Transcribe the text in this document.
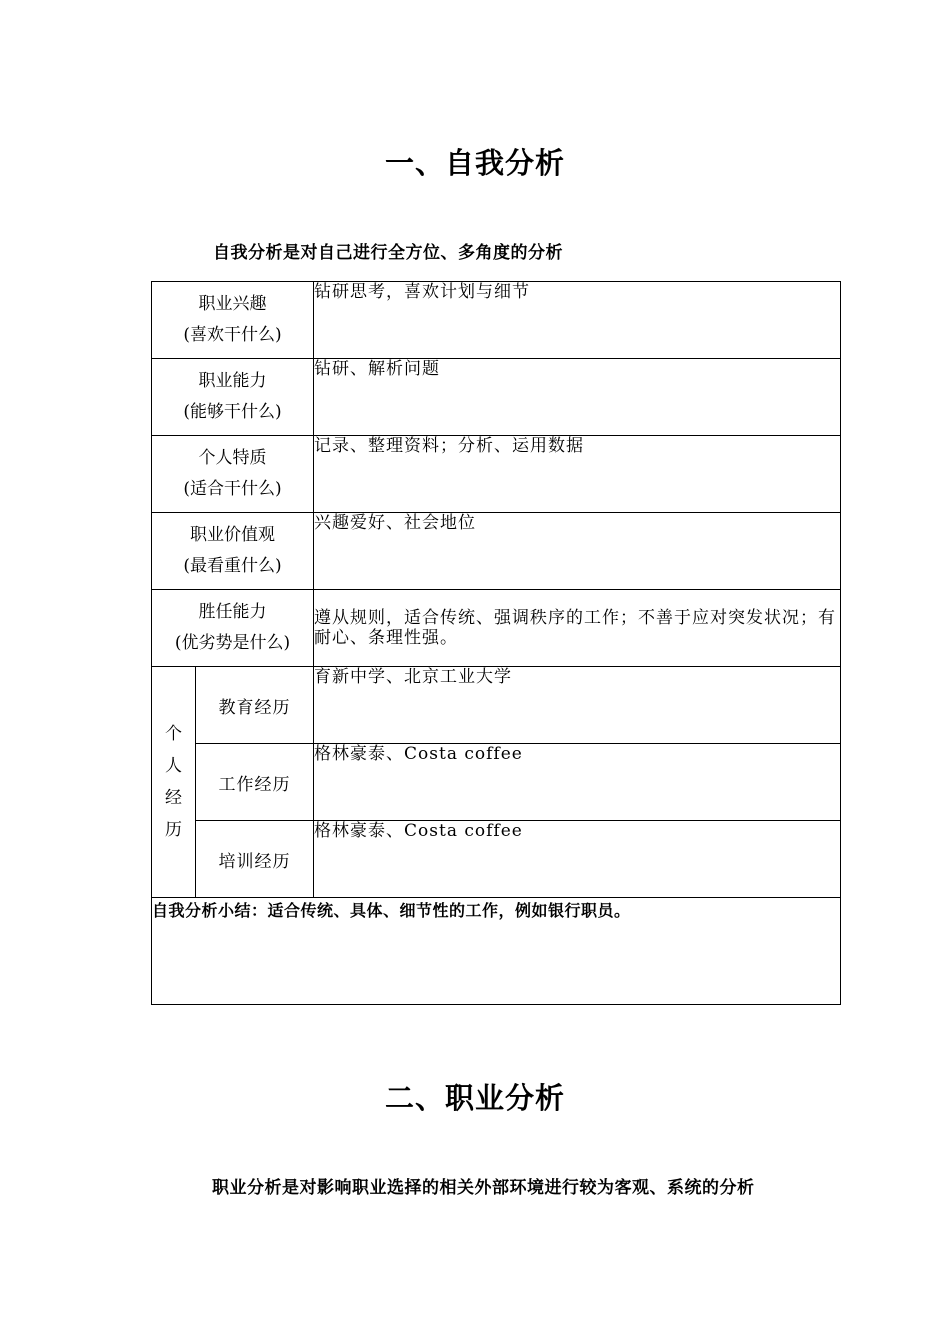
一、自我分析
自我分析是对自己进行全方位、多角度的分析
职业兴趣
(喜欢干什么)		钻研思考，喜欢计划与细节

职业能力
(能够干什么)		钻研、解析问题

个人特质
(适合干什么)		记录、整理资料；分析、运用数据

职业价值观
(最看重什么)		兴趣爱好、社会地位

胜任能力
(优劣势是什么)		遵从规则，适合传统、强调秩序的工作；不善于应对突发状况；有耐心、条理性强。

个
人
经
历	教育经历	育新中学、北京工业大学
	工作经历	格林豪泰、Costa coffee
	培训经历	格林豪泰、Costa coffee
自我分析小结：适合传统、具体、细节性的工作，例如银行职员。		
二、职业分析
职业分析是对影响职业选择的相关外部环境进行较为客观、系统的分析
